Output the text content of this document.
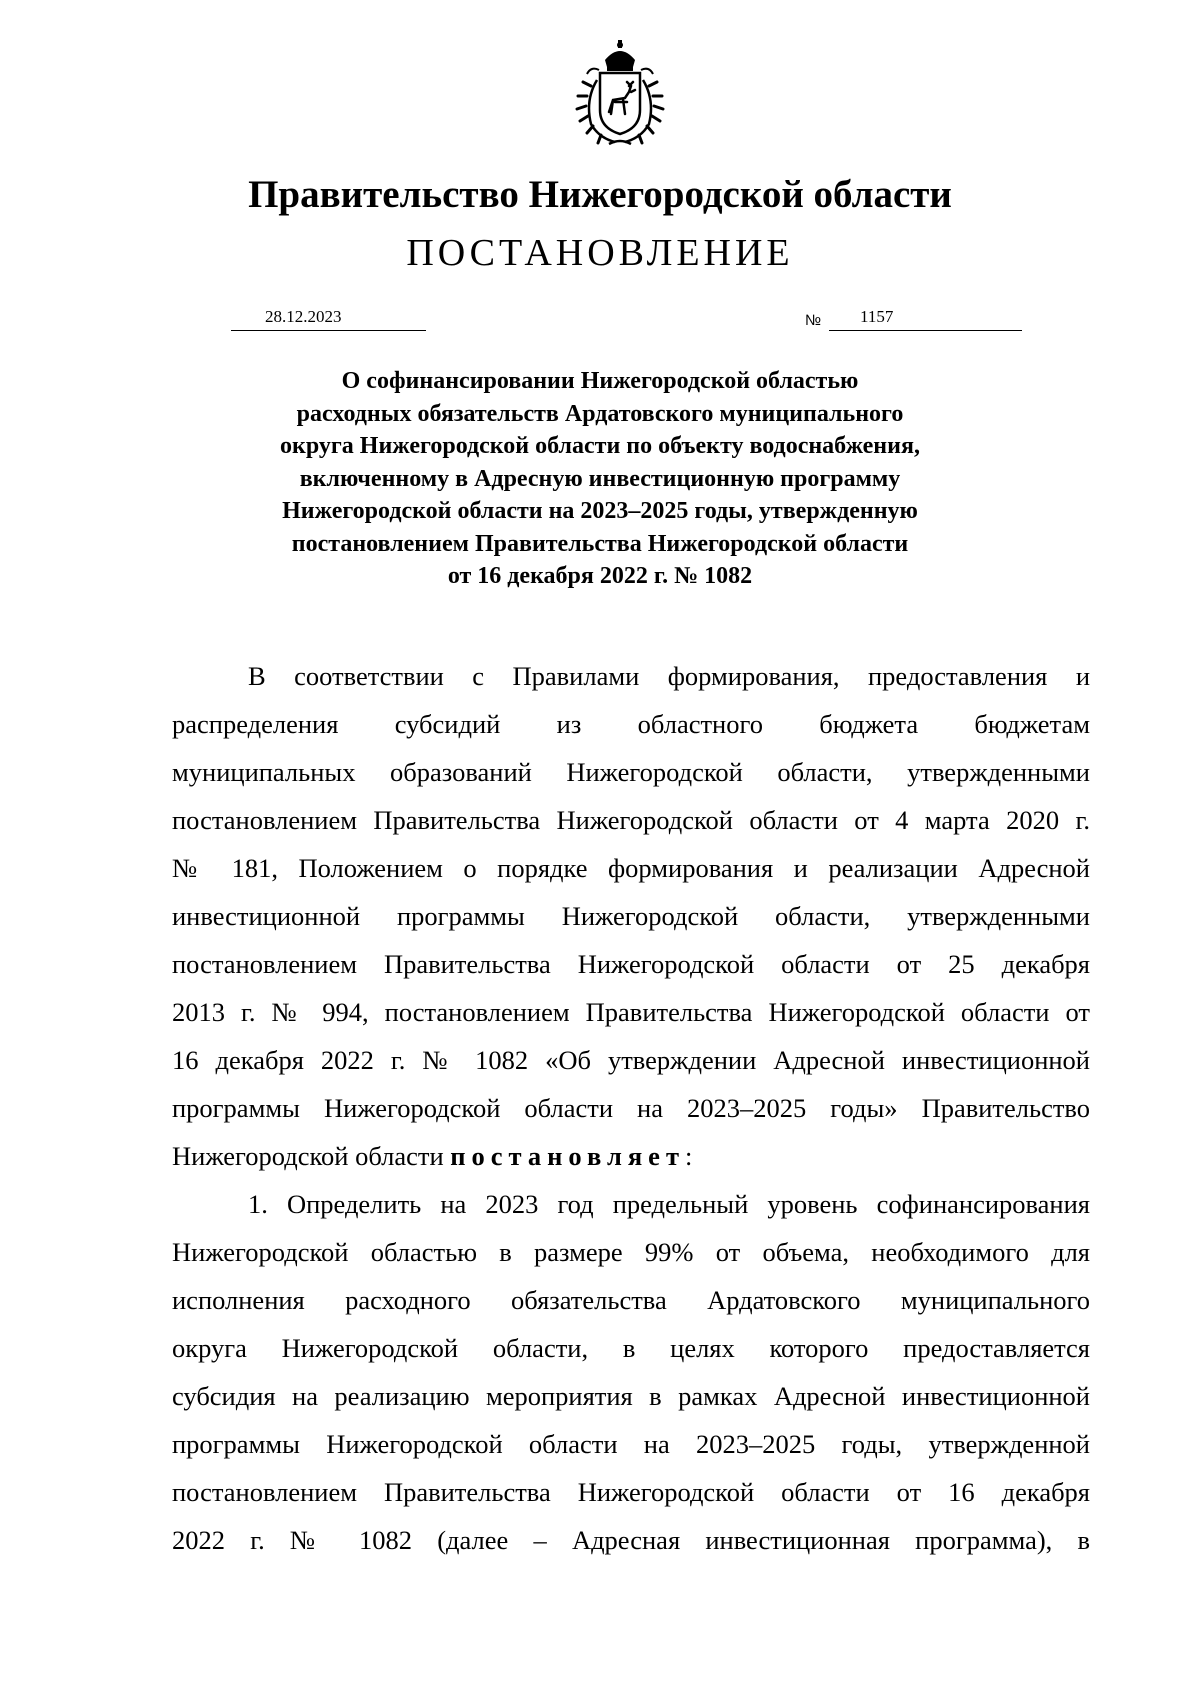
Правительство Нижегородской области
ПОСТАНОВЛЕНИЕ
28.12.2023	№ 1157
О софинансировании Нижегородской областью
расходных обязательств Ардатовского муниципального
округа Нижегородской области по объекту водоснабжения,
включенному в Адресную инвестиционную программу
Нижегородской области на 2023–2025 годы, утвержденную
постановлением Правительства Нижегородской области
от 16 декабря 2022 г. № 1082
В соответствии с Правилами формирования, предоставления и
распределения субсидий из областного бюджета бюджетам
муниципальных образований Нижегородской области, утвержденными
постановлением Правительства Нижегородской области от 4 марта 2020 г.
№ 181, Положением о порядке формирования и реализации Адресной
инвестиционной программы Нижегородской области, утвержденными
постановлением Правительства Нижегородской области от 25 декабря
2013 г. № 994, постановлением Правительства Нижегородской области от
16 декабря 2022 г. № 1082 «Об утверждении Адресной инвестиционной
программы Нижегородской области на 2023–2025 годы» Правительство
Нижегородской области постановляет:
1. Определить на 2023 год предельный уровень софинансирования
Нижегородской областью в размере 99% от объема, необходимого для
исполнения расходного обязательства Ардатовского муниципального
округа Нижегородской области, в целях которого предоставляется
субсидия на реализацию мероприятия в рамках Адресной инвестиционной
программы Нижегородской области на 2023–2025 годы, утвержденной
постановлением Правительства Нижегородской области от 16 декабря
2022 г. № 1082 (далее – Адресная инвестиционная программа), в
